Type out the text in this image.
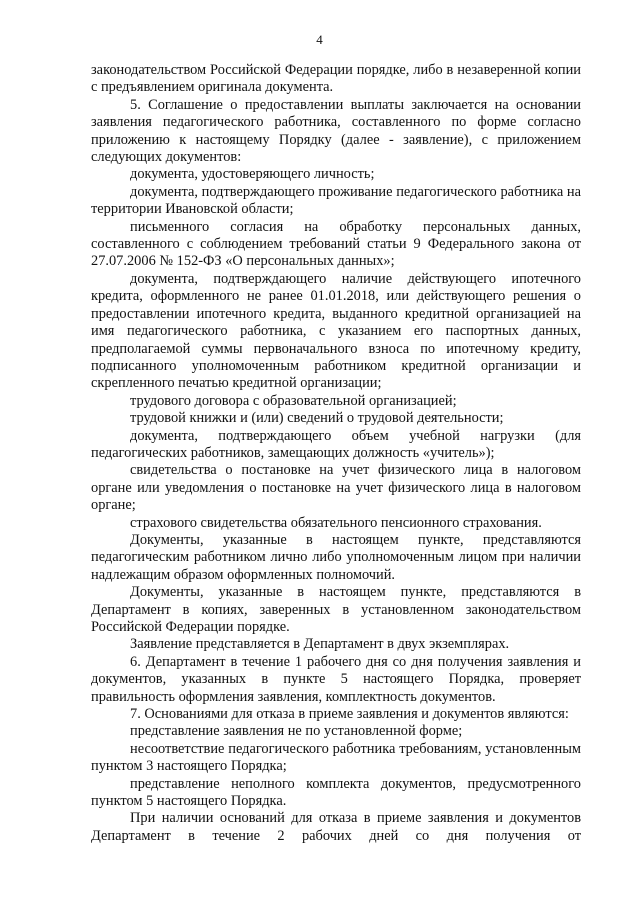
4

законодательством Российской Федерации порядке, либо в незаверенной копии с предъявлением оригинала документа.

5. Соглашение о предоставлении выплаты заключается на основании заявления педагогического работника, составленного по форме согласно приложению к настоящему Порядку (далее - заявление), с приложением следующих документов:

документа, удостоверяющего личность;

документа, подтверждающего проживание педагогического работника на территории Ивановской области;

письменного согласия на обработку персональных данных, составленного с соблюдением требований статьи 9 Федерального закона от 27.07.2006 № 152-ФЗ «О персональных данных»;

документа, подтверждающего наличие действующего ипотечного кредита, оформленного не ранее 01.01.2018, или действующего решения о предоставлении ипотечного кредита, выданного кредитной организацией на имя педагогического работника, с указанием его паспортных данных, предполагаемой суммы первоначального взноса по ипотечному кредиту, подписанного уполномоченным работником кредитной организации и скрепленного печатью кредитной организации;

трудового договора с образовательной организацией;

трудовой книжки и (или) сведений о трудовой деятельности;

документа, подтверждающего объем учебной нагрузки (для педагогических работников, замещающих должность «учитель»);

свидетельства о постановке на учет физического лица в налоговом органе или уведомления о постановке на учет физического лица в налоговом органе;

страхового свидетельства обязательного пенсионного страхования.

Документы, указанные в настоящем пункте, представляются педагогическим работником лично либо уполномоченным лицом при наличии надлежащим образом оформленных полномочий.

Документы, указанные в настоящем пункте, представляются в Департамент в копиях, заверенных в установленном законодательством Российской Федерации порядке.

Заявление представляется в Департамент в двух экземплярах.

6. Департамент в течение 1 рабочего дня со дня получения заявления и документов, указанных в пункте 5 настоящего Порядка, проверяет правильность оформления заявления, комплектность документов.

7. Основаниями для отказа в приеме заявления и документов являются:

представление заявления не по установленной форме;

несоответствие педагогического работника требованиям, установленным пунктом 3 настоящего Порядка;

представление неполного комплекта документов, предусмотренного пунктом 5 настоящего Порядка.

При наличии оснований для отказа в приеме заявления и документов Департамент в течение 2 рабочих дней со дня получения от
